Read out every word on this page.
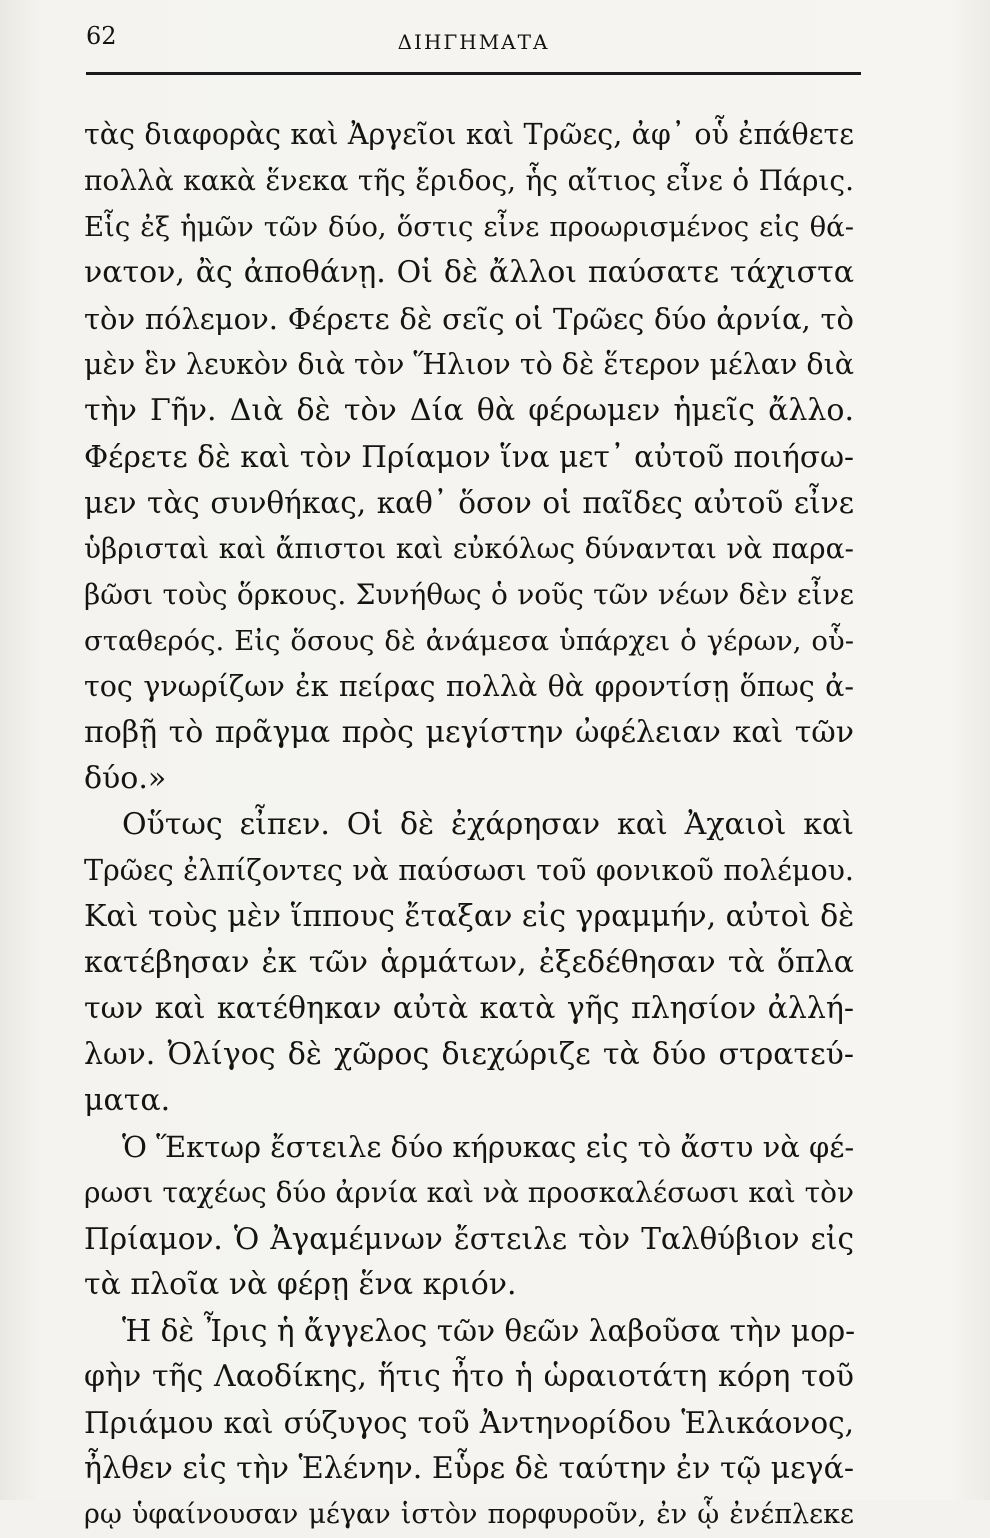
62	ΔΙΗΓΗΜΑΤΑ
τὰς διαφορὰς καὶ Ἀργεῖοι καὶ Τρῶες, ἀφ᾽ οὗ ἐπάθετε
πολλὰ κακὰ ἕνεκα τῆς ἔριδος, ἧς αἴτιος εἶνε ὁ Πάρις.
Εἷς ἐξ ἡμῶν τῶν δύο, ὅστις εἶνε προωρισμένος εἰς θά-
νατον, ἂς ἀποθάνῃ. Οἱ δὲ ἄλλοι παύσατε τάχιστα
τὸν πόλεμον. Φέρετε δὲ σεῖς οἱ Τρῶες δύο ἀρνία, τὸ
μὲν ἓν λευκὸν διὰ τὸν Ἥλιον τὸ δὲ ἕτερον μέλαν διὰ
τὴν Γῆν. Διὰ δὲ τὸν Δία θὰ φέρωμεν ἡμεῖς ἄλλο.
Φέρετε δὲ καὶ τὸν Πρίαμον ἵνα μετ᾽ αὐτοῦ ποιήσω-
μεν τὰς συνθήκας, καθ᾽ ὅσον οἱ παῖδες αὐτοῦ εἶνε
ὑβρισταὶ καὶ ἄπιστοι καὶ εὐκόλως δύνανται νὰ παρα-
βῶσι τοὺς ὅρκους. Συνήθως ὁ νοῦς τῶν νέων δὲν εἶνε
σταθερός. Εἰς ὅσους δὲ ἀνάμεσα ὑπάρχει ὁ γέρων, οὗ-
τος γνωρίζων ἐκ πείρας πολλὰ θὰ φροντίσῃ ὅπως ἀ-
ποβῇ τὸ πρᾶγμα πρὸς μεγίστην ὠφέλειαν καὶ τῶν
δύο.»
Οὕτως εἶπεν. Οἱ δὲ ἐχάρησαν καὶ Ἀχαιοὶ καὶ
Τρῶες ἐλπίζοντες νὰ παύσωσι τοῦ φονικοῦ πολέμου.
Καὶ τοὺς μὲν ἵππους ἔταξαν εἰς γραμμήν, αὐτοὶ δὲ
κατέβησαν ἐκ τῶν ἁρμάτων, ἐξεδέθησαν τὰ ὅπλα
των καὶ κατέθηκαν αὐτὰ κατὰ γῆς πλησίον ἀλλή-
λων. Ὀλίγος δὲ χῶρος διεχώριζε τὰ δύο στρατεύ-
ματα.
Ὁ Ἕκτωρ ἔστειλε δύο κήρυκας εἰς τὸ ἄστυ νὰ φέ-
ρωσι ταχέως δύο ἀρνία καὶ νὰ προσκαλέσωσι καὶ τὸν
Πρίαμον. Ὁ Ἀγαμέμνων ἔστειλε τὸν Ταλθύβιον εἰς
τὰ πλοῖα νὰ φέρῃ ἕνα κριόν.
Ἡ δὲ Ἶρις ἡ ἄγγελος τῶν θεῶν λαβοῦσα τὴν μορ-
φὴν τῆς Λαοδίκης, ἥτις ἦτο ἡ ὡραιοτάτη κόρη τοῦ
Πριάμου καὶ σύζυγος τοῦ Ἀντηνορίδου Ἑλικάονος,
ἦλθεν εἰς τὴν Ἑλένην. Εὗρε δὲ ταύτην ἐν τῷ μεγά-
ρῳ ὑφαίνουσαν μέγαν ἱστὸν πορφυροῦν, ἐν ᾧ ἐνέπλεκε
